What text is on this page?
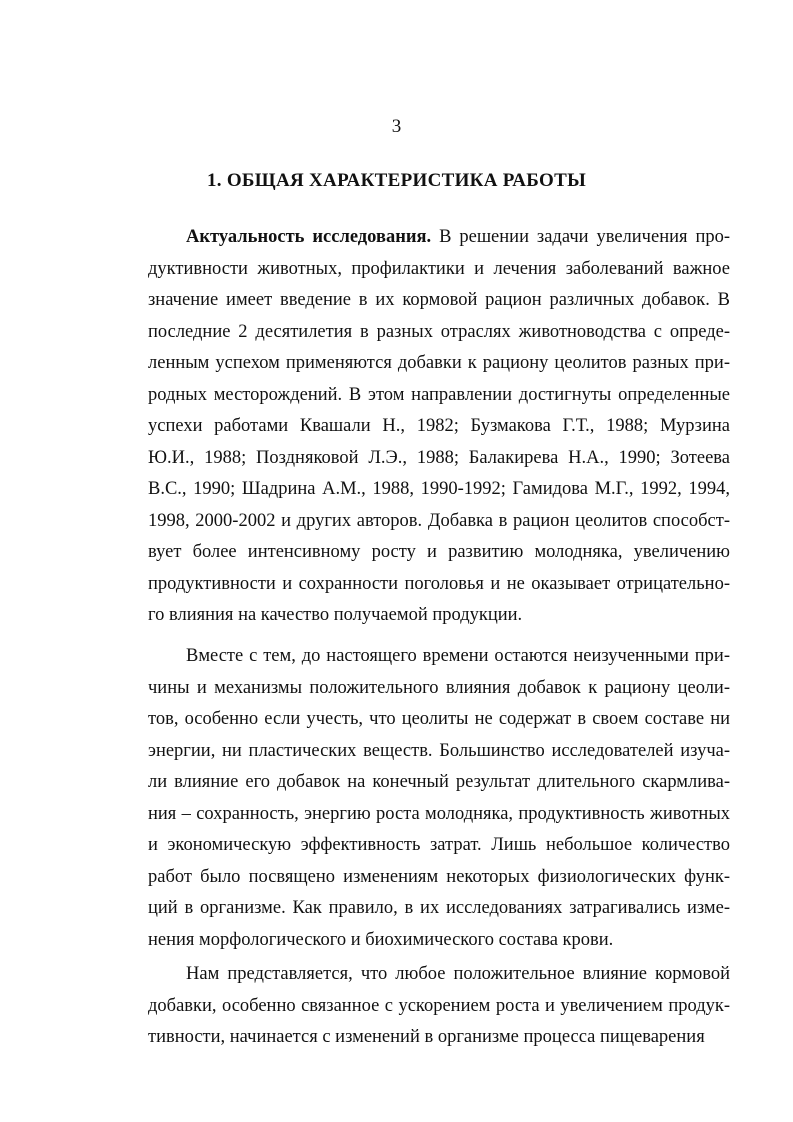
3
1. ОБЩАЯ ХАРАКТЕРИСТИКА РАБОТЫ
Актуальность исследования. В решении задачи увеличения про-
дуктивности животных, профилактики и лечения заболеваний важное
значение имеет введение в их кормовой рацион различных добавок. В
последние 2 десятилетия в разных отраслях животноводства с опреде-
ленным успехом применяются добавки к рациону цеолитов разных при-
родных месторождений. В этом направлении достигнуты определенные
успехи работами Квашали Н., 1982; Бузмакова Г.Т., 1988; Мурзина
Ю.И., 1988; Поздняковой Л.Э., 1988; Балакирева Н.А., 1990; Зотеева
В.С., 1990; Шадрина А.М., 1988, 1990-1992; Гамидова М.Г., 1992, 1994,
1998, 2000-2002 и других авторов. Добавка в рацион цеолитов способст-
вует более интенсивному росту и развитию молодняка, увеличению
продуктивности и сохранности поголовья и не оказывает отрицательно-
го влияния на качество получаемой продукции.
Вместе с тем, до настоящего времени остаются неизученными при-
чины и механизмы положительного влияния добавок к рациону цеоли-
тов, особенно если учесть, что цеолиты не содержат в своем составе ни
энергии, ни пластических веществ. Большинство исследователей изуча-
ли влияние его добавок на конечный результат длительного скармлива-
ния – сохранность, энергию роста молодняка, продуктивность животных
и экономическую эффективность затрат. Лишь небольшое количество
работ было посвящено изменениям некоторых физиологических функ-
ций в организме. Как правило, в их исследованиях затрагивались изме-
нения морфологического и биохимического состава крови.
Нам представляется, что любое положительное влияние кормовой
добавки, особенно связанное с ускорением роста и увеличением продук-
тивности, начинается с изменений в организме процесса пищеварения
